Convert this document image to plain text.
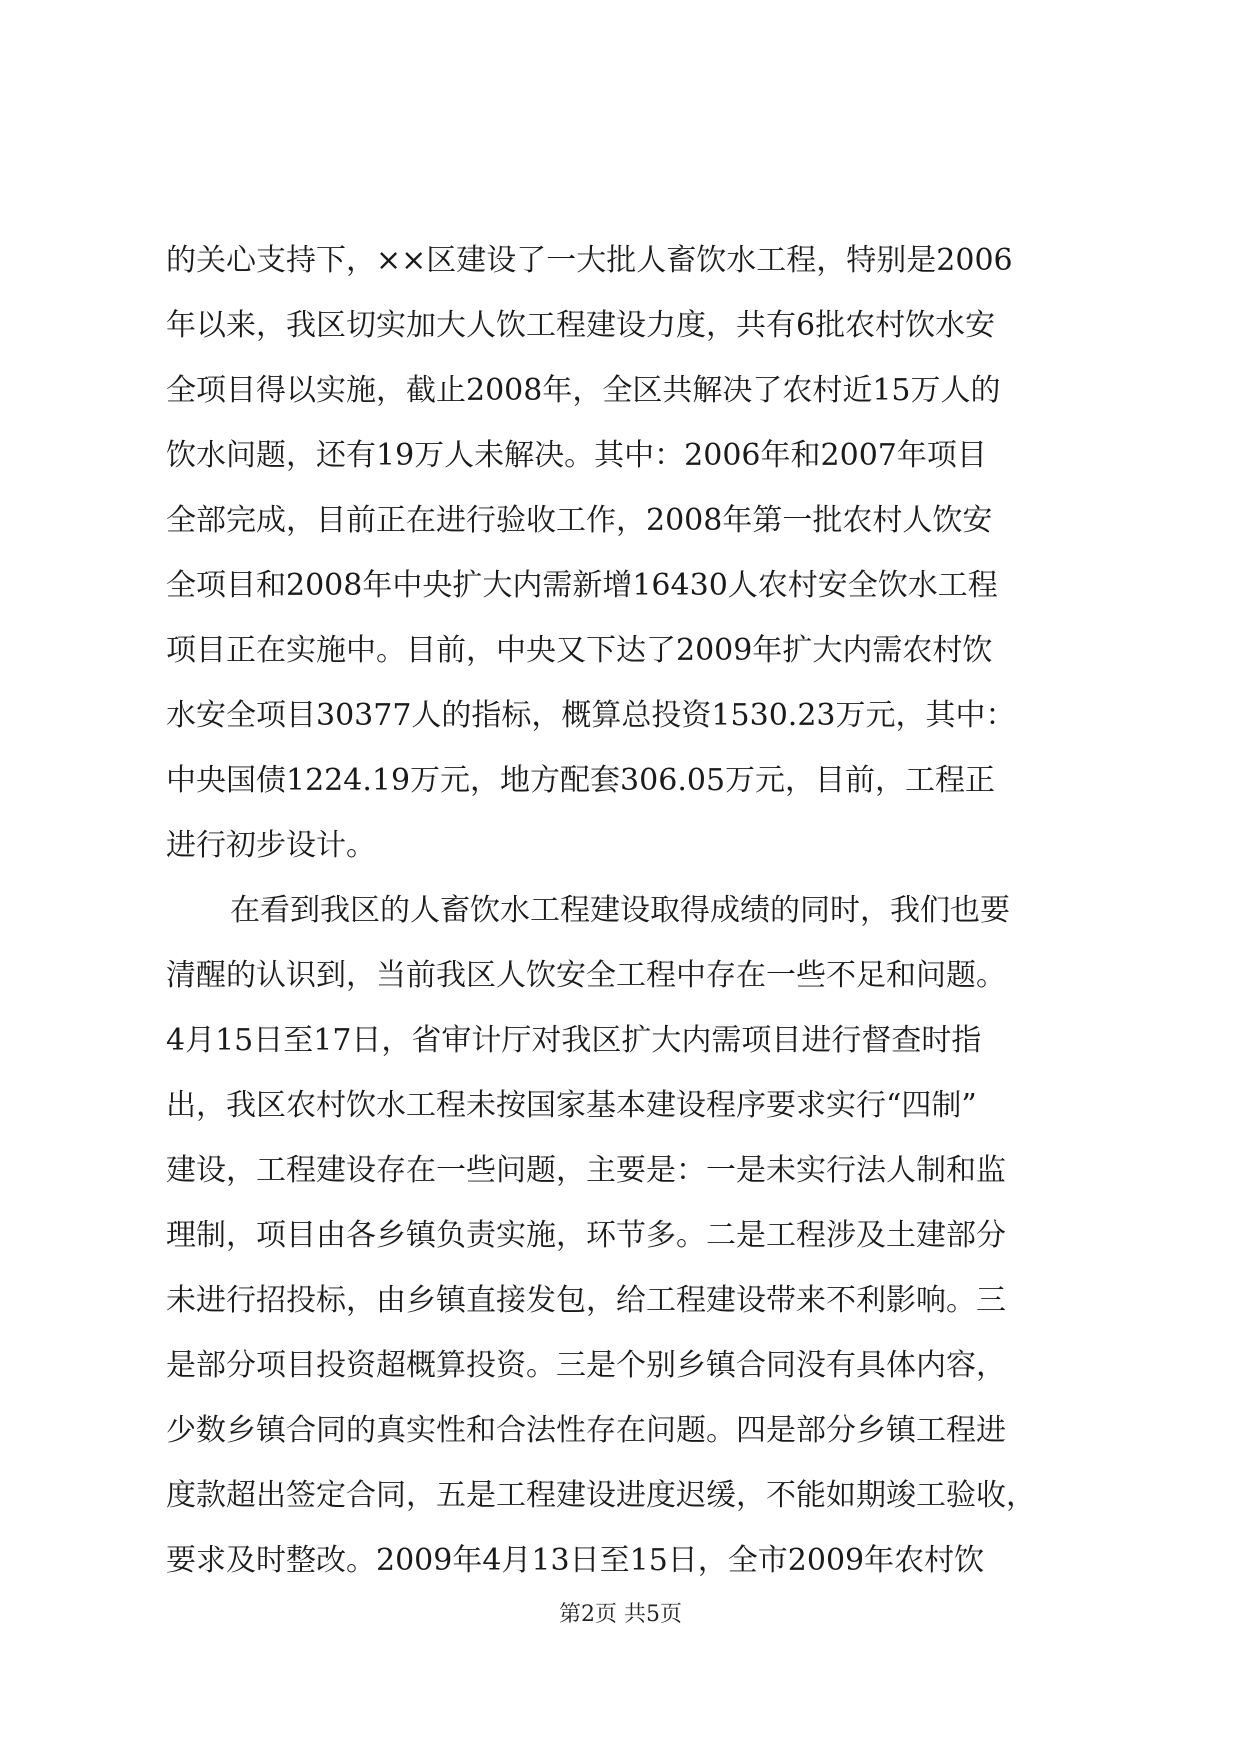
的关心支持下，××区建设了一大批人畜饮水工程，特别是2006
年以来，我区切实加大人饮工程建设力度，共有6批农村饮水安
全项目得以实施，截止2008年，全区共解决了农村近15万人的
饮水问题，还有19万人未解决。其中：2006年和2007年项目
全部完成，目前正在进行验收工作，2008年第一批农村人饮安
全项目和2008年中央扩大内需新增16430人农村安全饮水工程
项目正在实施中。目前，中央又下达了2009年扩大内需农村饮
水安全项目30377人的指标，概算总投资1530.23万元，其中：
中央国债1224.19万元，地方配套306.05万元，目前，工程正
进行初步设计。
在看到我区的人畜饮水工程建设取得成绩的同时，我们也要
清醒的认识到，当前我区人饮安全工程中存在一些不足和问题。
4月15日至17日，省审计厅对我区扩大内需项目进行督查时指
出，我区农村饮水工程未按国家基本建设程序要求实行“四制”
建设，工程建设存在一些问题，主要是：一是未实行法人制和监
理制，项目由各乡镇负责实施，环节多。二是工程涉及土建部分
未进行招投标，由乡镇直接发包，给工程建设带来不利影响。三
是部分项目投资超概算投资。三是个别乡镇合同没有具体内容，
少数乡镇合同的真实性和合法性存在问题。四是部分乡镇工程进
度款超出签定合同，五是工程建设进度迟缓，不能如期竣工验收，
要求及时整改。2009年4月13日至15日，全市2009年农村饮
第2页 共5页
